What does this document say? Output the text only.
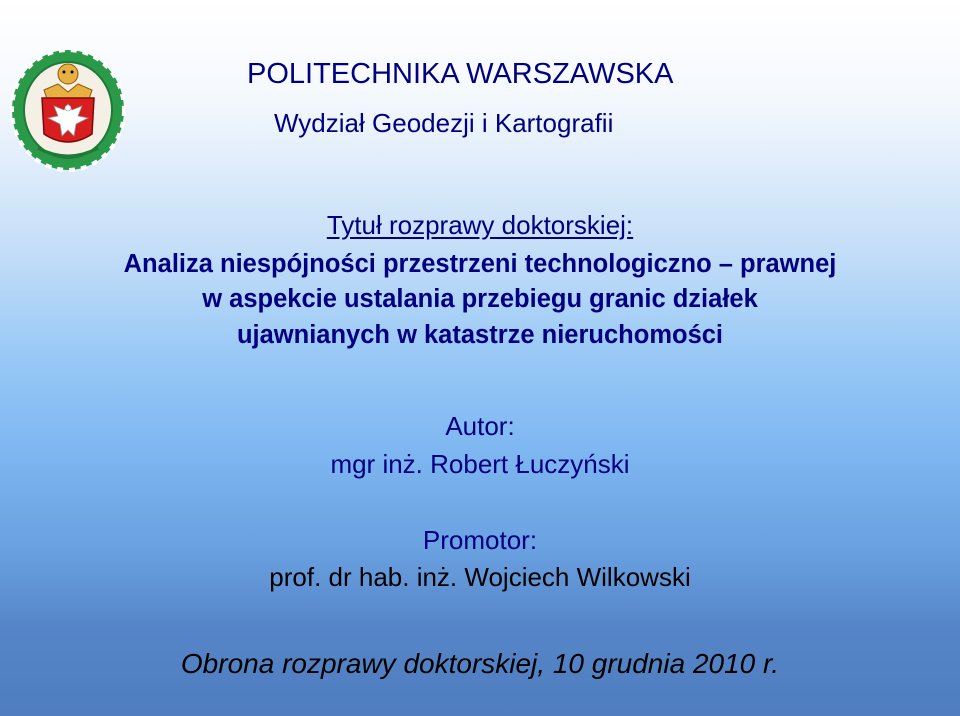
POLITECHNIKA WARSZAWSKA
Wydział Geodezji i Kartografii
Tytuł rozprawy doktorskiej:
Analiza niespójności przestrzeni technologiczno – prawnej
w aspekcie ustalania przebiegu granic działek
ujawnianych w katastrze nieruchomości
Autor:
mgr inż. Robert Łuczyński
Promotor:
prof. dr hab. inż. Wojciech Wilkowski
Obrona rozprawy doktorskiej, 10 grudnia 2010 r.
